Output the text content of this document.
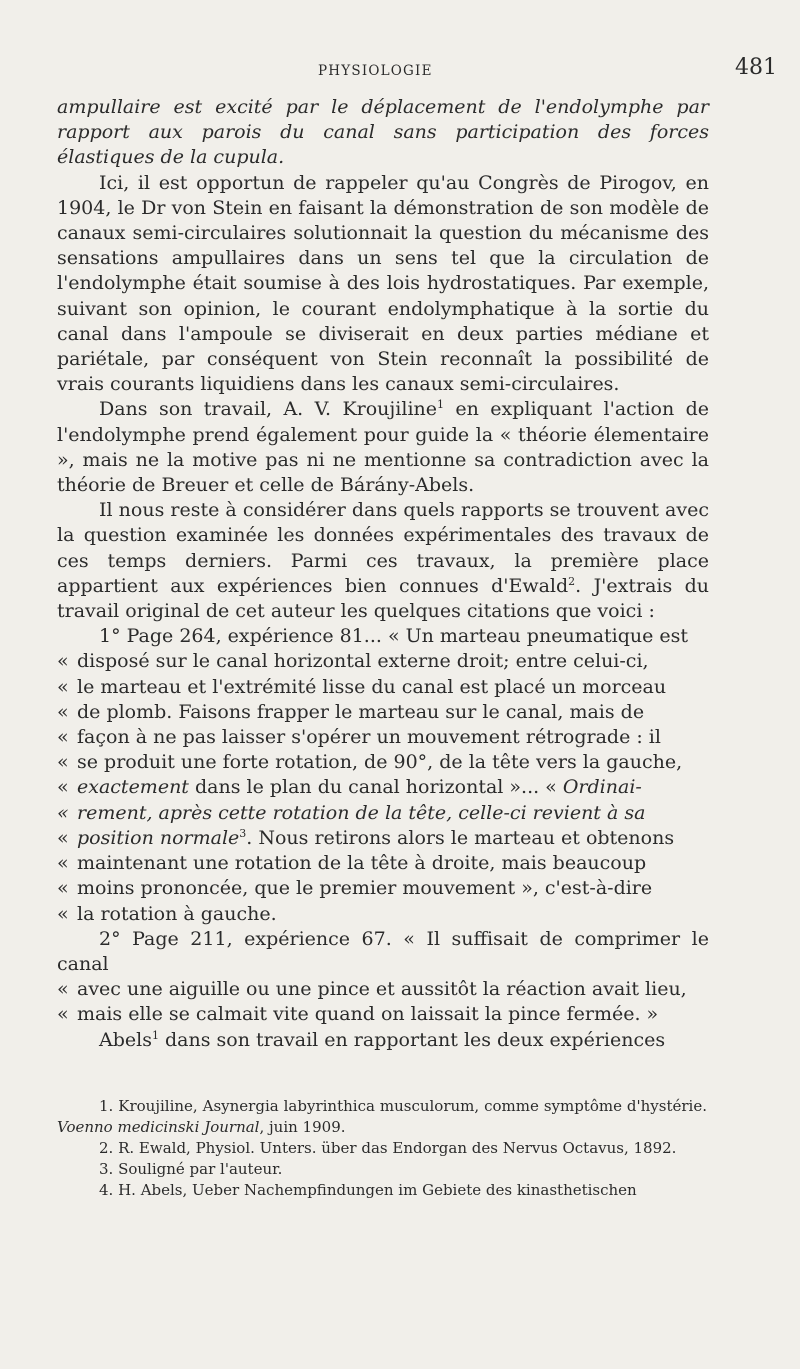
PHYSIOLOGIE	481

ampullaire est excité par le déplacement de l'endolymphe par rapport aux parois du canal sans participation des forces élastiques de la cupula.

Ici, il est opportun de rappeler qu'au Congrès de Pirogov, en 1904, le Dr von Stein en faisant la démonstration de son modèle de canaux semi-circulaires solutionnait la question du mécanisme des sensations ampullaires dans un sens tel que la circulation de l'endolymphe était soumise à des lois hydrostatiques. Par exemple, suivant son opinion, le courant endolymphatique à la sortie du canal dans l'ampoule se diviserait en deux parties médiane et pariétale, par conséquent von Stein reconnaît la possibilité de vrais courants liquidiens dans les canaux semi-circulaires.

Dans son travail, A. V. Kroujiline$^1$ en expliquant l'action de l'endolymphe prend également pour guide la « théorie élementaire », mais ne la motive pas ni ne mentionne sa contradiction avec la théorie de Breuer et celle de Bárány-Abels.

Il nous reste à considérer dans quels rapports se trouvent avec la question examinée les données expérimentales des travaux de ces temps derniers. Parmi ces travaux, la première place appartient aux expériences bien connues d'Ewald$^2$. J'extrais du travail original de cet auteur les quelques citations que voici :

1° Page 264, expérience 81... « Un marteau pneumatique est

« disposé sur le canal horizontal externe droit; entre celui-ci,
« le marteau et l'extrémité lisse du canal est placé un morceau
« de plomb. Faisons frapper le marteau sur le canal, mais de
« façon à ne pas laisser s'opérer un mouvement rétrograde : il
« se produit une forte rotation, de 90°, de la tête vers la gauche,
« exactement dans le plan du canal horizontal »... « Ordinai-
« rement, après cette rotation de la tête, celle-ci revient à sa
« position normale$^3$. Nous retirons alors le marteau et obtenons
« maintenant une rotation de la tête à droite, mais beaucoup
« moins prononcée, que le premier mouvement », c'est-à-dire
« la rotation à gauche.

2° Page 211, expérience 67. « Il suffisait de comprimer le canal

« avec une aiguille ou une pince et aussitôt la réaction avait lieu,
« mais elle se calmait vite quand on laissait la pince fermée. »

Abels$^1$ dans son travail en rapportant les deux expériences

1. Kroujiline, Asynergia labyrinthica musculorum, comme symptôme d'hystérie. Voenno medicinski Journal, juin 1909.

2. R. Ewald, Physiol. Unters. über das Endorgan des Nervus Octavus, 1892.

3. Souligné par l'auteur.

4. H. Abels, Ueber Nachempfindungen im Gebiete des kinasthetischen
